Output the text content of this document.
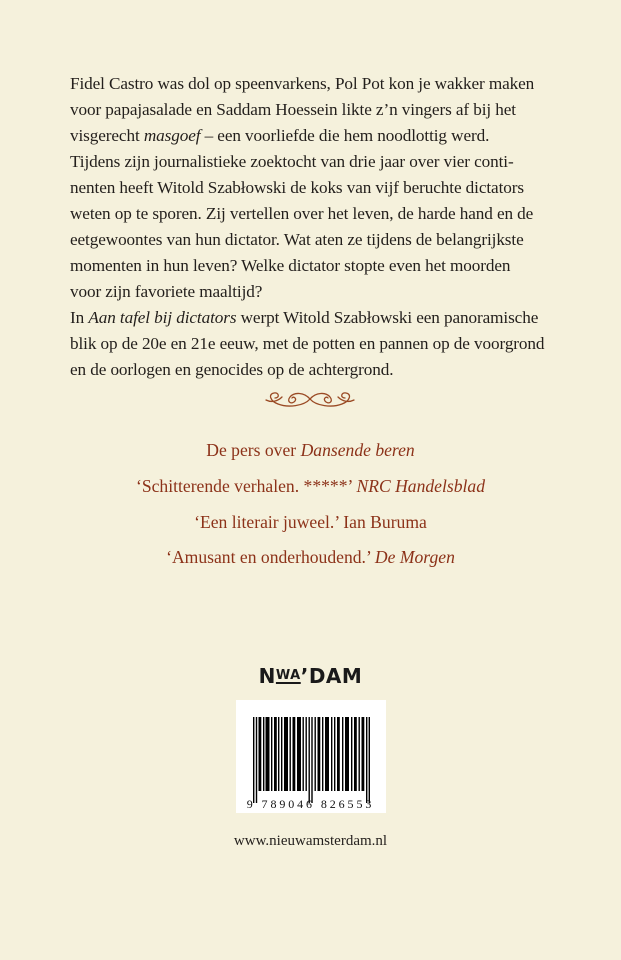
Fidel Castro was dol op speenvarkens, Pol Pot kon je wakker maken
voor papajasalade en Saddam Hoessein likte z’n vingers af bij het
visgerecht masgoef – een voorliefde die hem noodlottig werd.
Tijdens zijn journalistieke zoektocht van drie jaar over vier conti-
nenten heeft Witold Szabłowski de koks van vijf beruchte dictators
weten op te sporen. Zij vertellen over het leven, de harde hand en de
eetgewoontes van hun dictator. Wat aten ze tijdens de belangrijkste
momenten in hun leven? Welke dictator stopte even het moorden
voor zijn favoriete maaltijd?
In Aan tafel bij dictators werpt Witold Szabłowski een panoramische
blik op de 20e en 21e eeuw, met de potten en pannen op de voorgrond
en de oorlogen en genocides op de achtergrond.
De pers over Dansende beren
‘Schitterende verhalen. *****’ NRC Handelsblad
‘Een literair juweel.’ Ian Buruma
‘Amusant en onderhoudend.’ De Morgen
$N^{WA}’DAM$
9 789046 826553
www.nieuwamsterdam.nl
